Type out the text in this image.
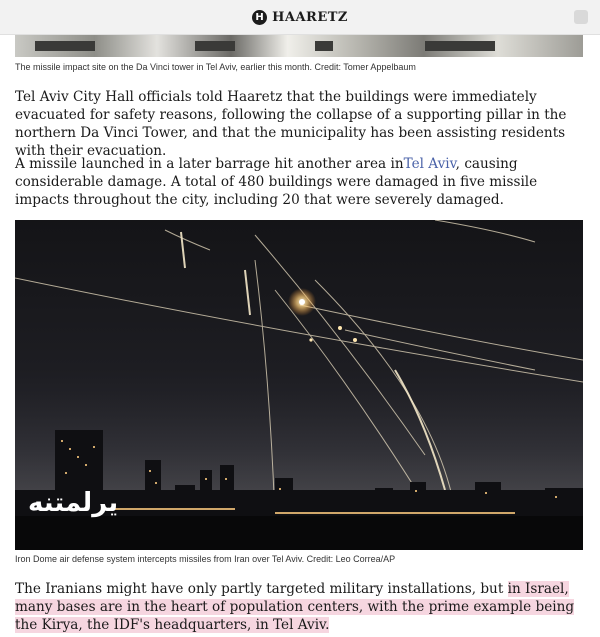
H HAARETZ
The missile impact site on the Da Vinci tower in Tel Aviv, earlier this month. Credit: Tomer Appelbaum

Tel Aviv City Hall officials told Haaretz that the buildings were immediately evacuated for safety reasons, following the collapse of a supporting pillar in the northern Da Vinci Tower, and that the municipality has been assisting residents with their evacuation.

A missile launched in a later barrage hit another area inTel Aviv, causing considerable damage. A total of 480 buildings were damaged in five missile impacts throughout the city, including 20 that were severely damaged.

یرلمتنه
Iron Dome air defense system intercepts missiles from Iran over Tel Aviv. Credit: Leo Correa/AP

The Iranians might have only partly targeted military installations, but in Israel, many bases are in the heart of population centers, with the prime example being the Kirya, the IDF's headquarters, in Tel Aviv.
